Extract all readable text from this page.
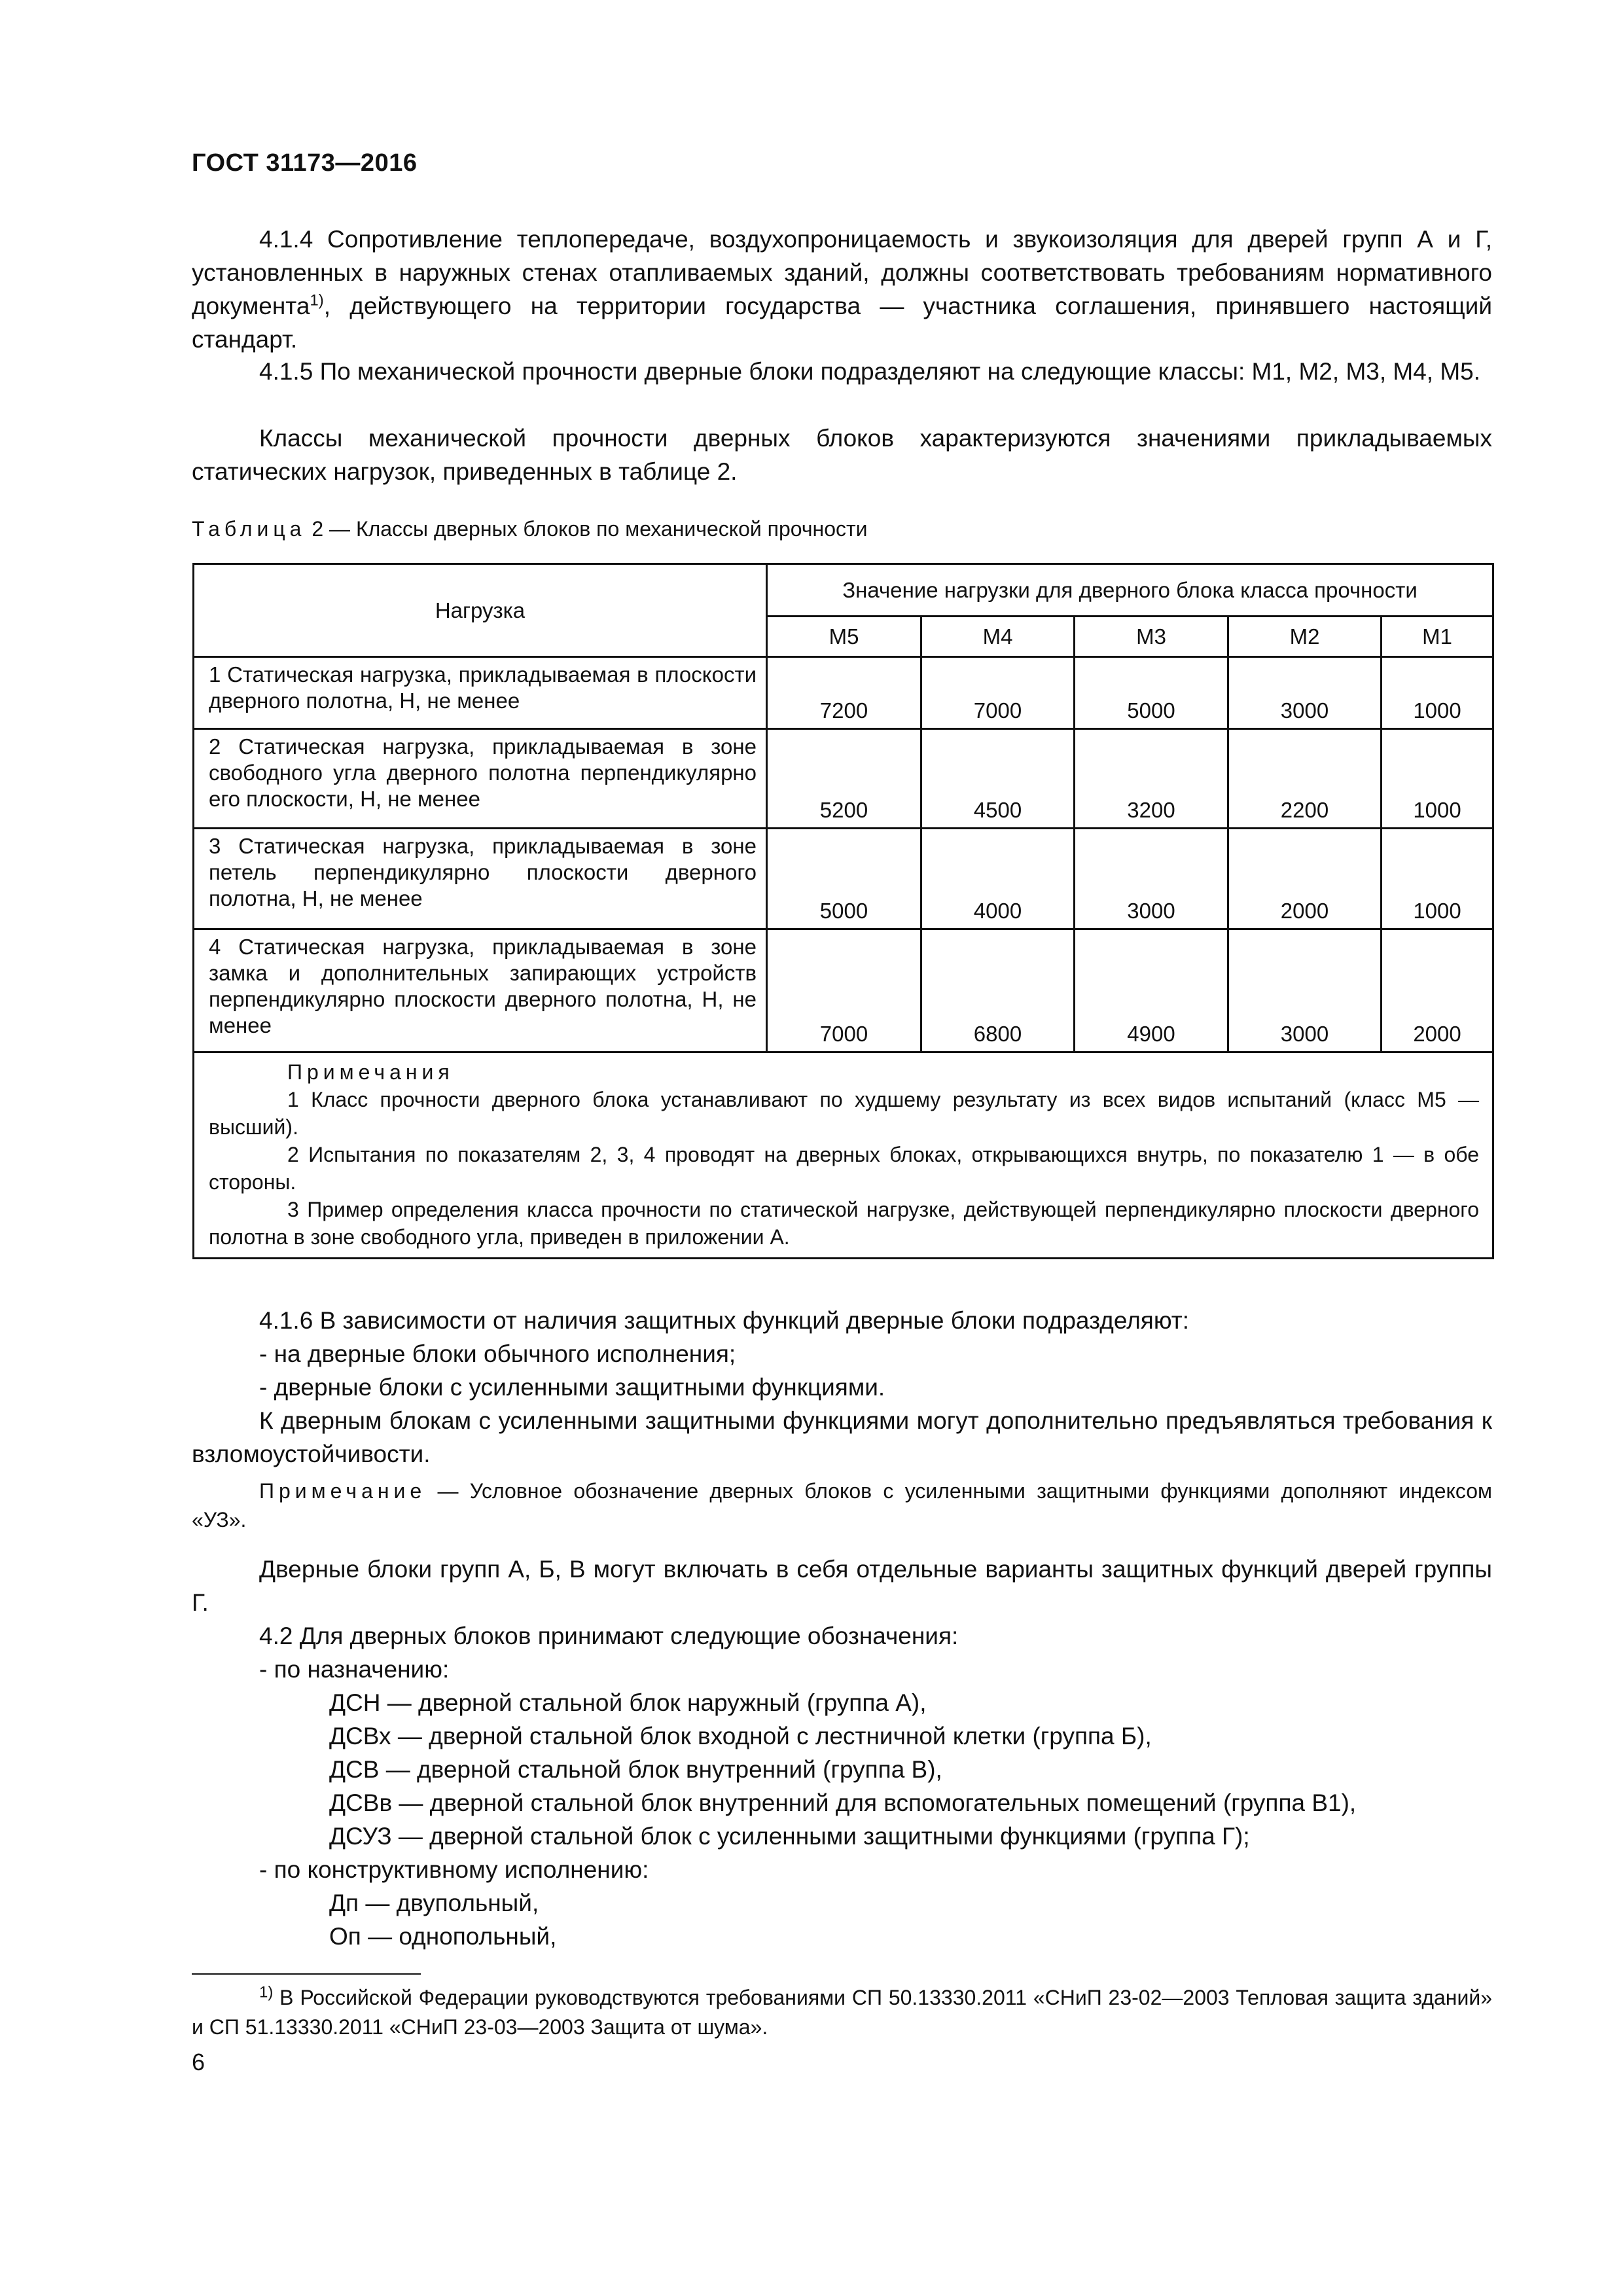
ГОСТ 31173—2016
4.1.4 Сопротивление теплопередаче, воздухопроницаемость и звукоизоляция для дверей групп А и Г, установленных в наружных стенах отапливаемых зданий, должны соответствовать требованиям нормативного документа$^{1)}$, действующего на территории государства — участника соглашения, принявшего настоящий стандарт.
4.1.5 По механической прочности дверные блоки подразделяют на следующие классы: М1, М2, М3, М4, М5.
Классы механической прочности дверных блоков характеризуются значениями прикладываемых статических нагрузок, приведенных в таблице 2.
Таблица 2 — Классы дверных блоков по механической прочности
Нагрузка	Значение нагрузки для дверного блока класса прочности				
	М5	М4	М3	М2	М1
1 Статическая нагрузка, прикладываемая в плоскости дверного полотна, Н, не менее	7200	7000	5000	3000	1000
2 Статическая нагрузка, прикладываемая в зоне свободного угла дверного полотна перпендикулярно его плоскости, Н, не менее	5200	4500	3200	2200	1000
3 Статическая нагрузка, прикладываемая в зоне петель перпендикулярно плоскости дверного полотна, Н, не менее	5000	4000	3000	2000	1000
4 Статическая нагрузка, прикладываемая в зоне замка и дополнительных запирающих устройств перпендикулярно плоскости дверного полотна, Н, не менее	7000	6800	4900	3000	2000

Примечания
1 Класс прочности дверного блока устанавливают по худшему результату из всех видов испытаний (класс М5 — высший).
2 Испытания по показателям 2, 3, 4 проводят на дверных блоках, открывающихся внутрь, по показателю 1 — в обе стороны.
3 Пример определения класса прочности по статической нагрузке, действующей перпендикулярно плоскости дверного полотна в зоне свободного угла, приведен в приложении А.					
4.1.6 В зависимости от наличия защитных функций дверные блоки подразделяют:
- на дверные блоки обычного исполнения;
- дверные блоки с усиленными защитными функциями.
К дверным блокам с усиленными защитными функциями могут дополнительно предъявляться требования к взломоустойчивости.
Примечание — Условное обозначение дверных блоков с усиленными защитными функциями дополняют индексом «УЗ».
Дверные блоки групп А, Б, В могут включать в себя отдельные варианты защитных функций дверей группы Г.
4.2 Для дверных блоков принимают следующие обозначения:
- по назначению:
ДСН — дверной стальной блок наружный (группа А),
ДСВх — дверной стальной блок входной с лестничной клетки (группа Б),
ДСВ — дверной стальной блок внутренний (группа В),
ДСВв — дверной стальной блок внутренний для вспомогательных помещений (группа В1),
ДСУЗ — дверной стальной блок с усиленными защитными функциями (группа Г);
- по конструктивному исполнению:
Дп — двупольный,
Оп — однопольный,
$^{1)}$ В Российской Федерации руководствуются требованиями СП 50.13330.2011 «СНиП 23-02—2003 Тепловая защита зданий» и СП 51.13330.2011 «СНиП 23-03—2003 Защита от шума».
6
